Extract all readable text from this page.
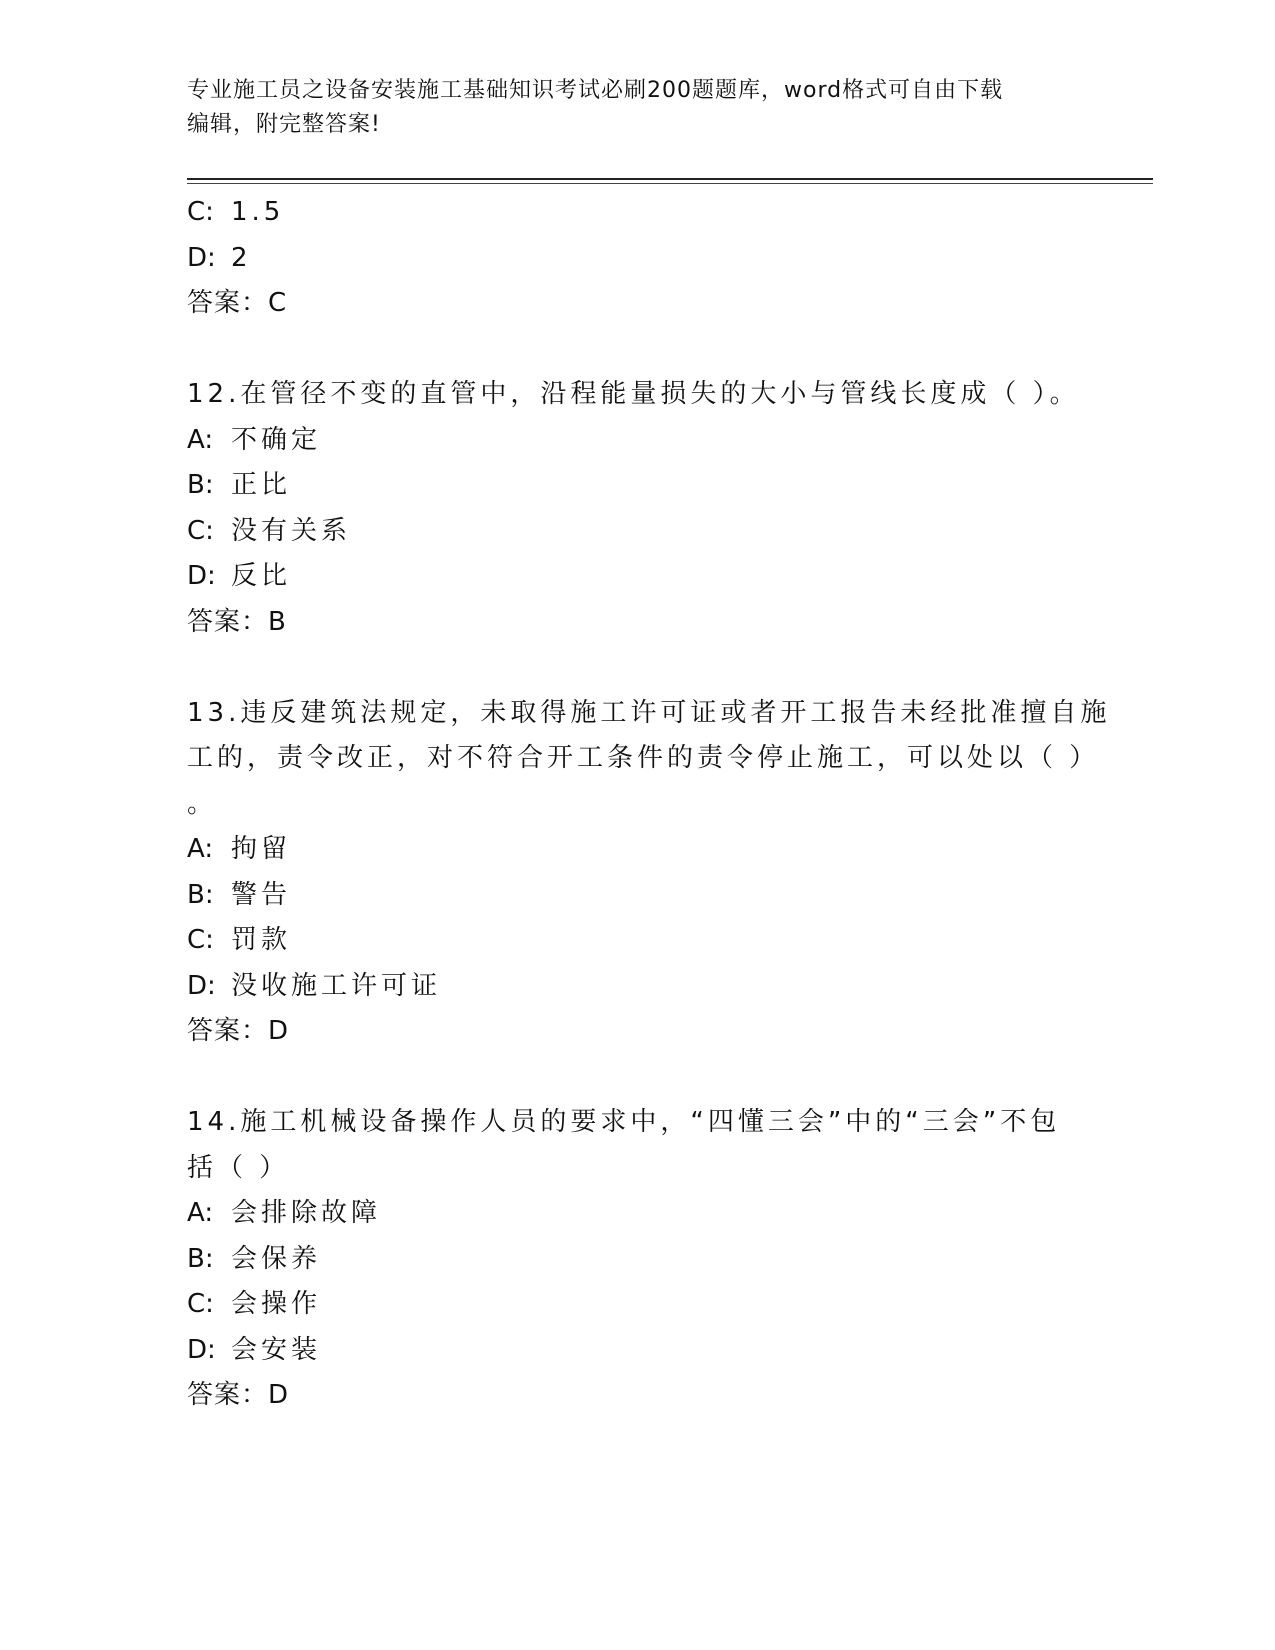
专业施工员之设备安装施工基础知识考试必刷200题题库，word格式可自由下载
编辑，附完整答案!
C: 1.5
D: 2
答案：C
12.在管径不变的直管中，沿程能量损失的大小与管线长度成（ ）。
A: 不确定
B: 正比
C: 没有关系
D: 反比
答案：B
13.违反建筑法规定，未取得施工许可证或者开工报告未经批准擅自施
工的，责令改正，对不符合开工条件的责令停止施工，可以处以（ ）
。
A: 拘留
B: 警告
C: 罚款
D: 没收施工许可证
答案：D
14.施工机械设备操作人员的要求中，“四懂三会”中的“三会”不包
括（ ）
A: 会排除故障
B: 会保养
C: 会操作
D: 会安装
答案：D
